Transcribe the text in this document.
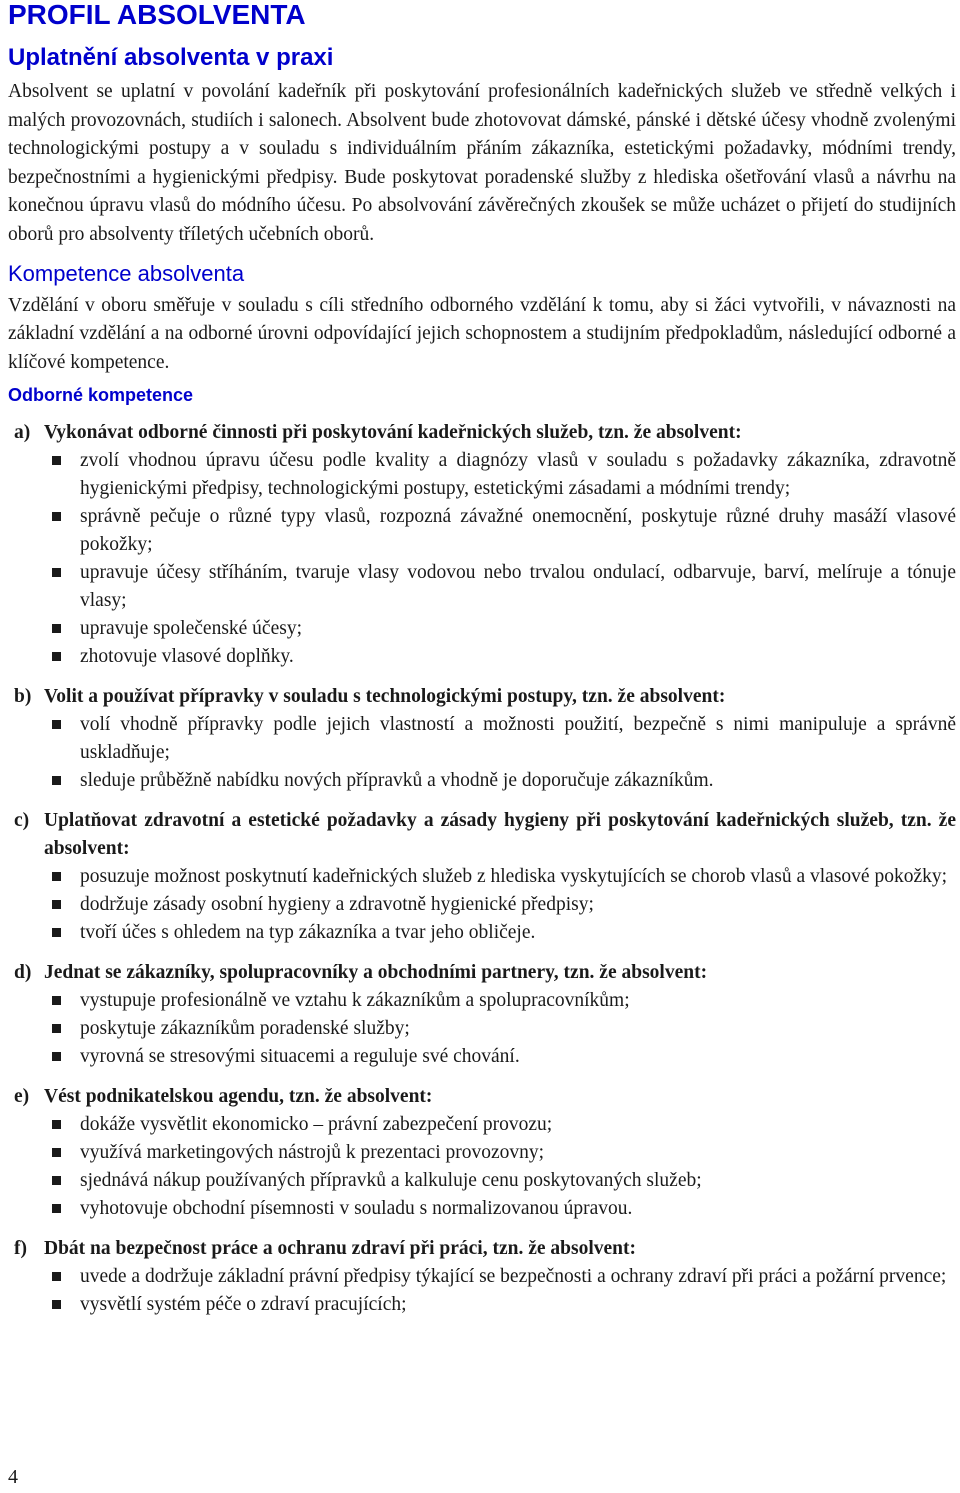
PROFIL ABSOLVENTA
Uplatnění absolventa v praxi

Absolvent se uplatní v povolání kadeřník při poskytování profesionálních kadeřnických služeb ve středně velkých i malých provozovnách, studiích i salonech. Absolvent bude zhotovovat dámské, pánské i dětské účesy vhodně zvolenými technologickými postupy a v souladu s individuálním přáním zákazníka, estetickými požadavky, módními trendy, bezpečnostními a hygienickými předpisy. Bude poskytovat poradenské služby z hlediska ošetřování vlasů a návrhu na konečnou úpravu vlasů do módního účesu. Po absolvování závěrečných zkoušek se může ucházet o přijetí do studijních oborů pro absolventy tříletých učebních oborů.

Kompetence absolventa

Vzdělání v oboru směřuje v souladu s cíli středního odborného vzdělání k tomu, aby si žáci vytvořili, v návaznosti na základní vzdělání a na odborné úrovni odpovídající jejich schopnostem a studijním předpokladům, následující odborné a klíčové kompetence.

Odborné kompetence
a) Vykonávat odborné činnosti při poskytování kadeřnických služeb, tzn. že absolvent:
zvolí vhodnou úpravu účesu podle kvality a diagnózy vlasů v souladu s požadavky zákazníka, zdravotně hygienickými předpisy, technologickými postupy, estetickými zásadami a módními trendy;
správně pečuje o různé typy vlasů, rozpozná závažné onemocnění, poskytuje různé druhy masáží vlasové pokožky;
upravuje účesy stříháním, tvaruje vlasy vodovou nebo trvalou ondulací, odbarvuje, barví, melíruje a tónuje vlasy;
upravuje společenské účesy;
zhotovuje vlasové doplňky.
b) Volit a používat přípravky v souladu s technologickými postupy, tzn. že absolvent:
volí vhodně přípravky podle jejich vlastností a možnosti použití, bezpečně s nimi manipuluje a správně uskladňuje;
sleduje průběžně nabídku nových přípravků a vhodně je doporučuje zákazníkům.
c) Uplatňovat zdravotní a estetické požadavky a zásady hygieny při poskytování kadeřnických služeb, tzn. že absolvent:
posuzuje možnost poskytnutí kadeřnických služeb z hlediska vyskytujících se chorob vlasů a vlasové pokožky;
dodržuje zásady osobní hygieny a zdravotně hygienické předpisy;
tvoří účes s ohledem na typ zákazníka a tvar jeho obličeje.
d) Jednat se zákazníky, spolupracovníky a obchodními partnery, tzn. že absolvent:
vystupuje profesionálně ve vztahu k zákazníkům a spolupracovníkům;
poskytuje zákazníkům poradenské služby;
vyrovná se stresovými situacemi a reguluje své chování.
e) Vést podnikatelskou agendu, tzn. že absolvent:
dokáže vysvětlit ekonomicko – právní zabezpečení provozu;
využívá marketingových nástrojů k prezentaci provozovny;
sjednává nákup používaných přípravků a kalkuluje cenu poskytovaných služeb;
vyhotovuje obchodní písemnosti v souladu s normalizovanou úpravou.
f) Dbát na bezpečnost práce a ochranu zdraví při práci, tzn. že absolvent:
uvede a dodržuje základní právní předpisy týkající se bezpečnosti a ochrany zdraví při práci a požární prvence;
vysvětlí systém péče o zdraví pracujících;
4
